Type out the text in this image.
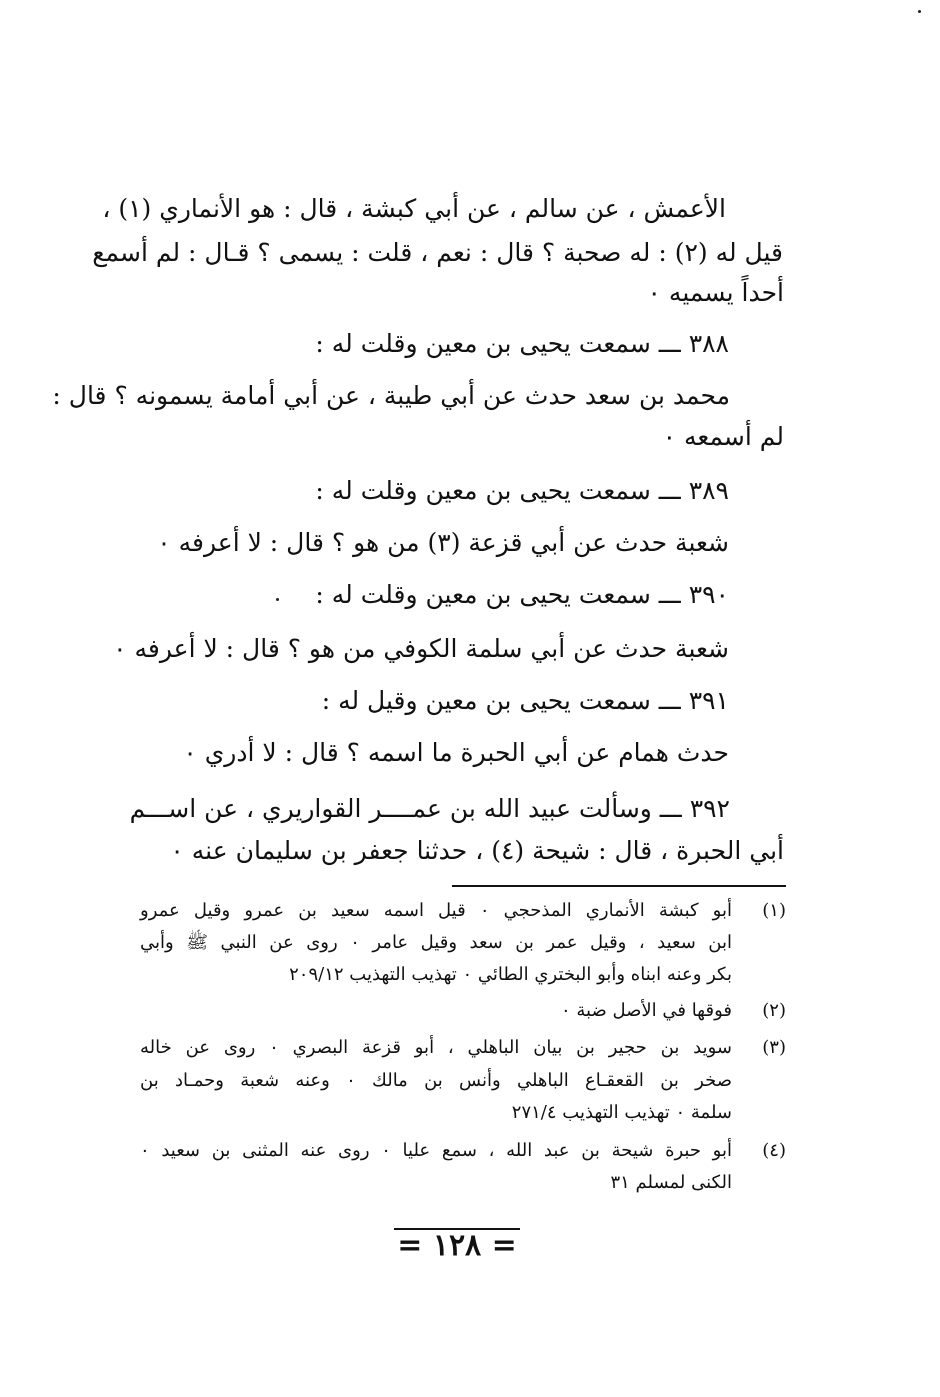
الأعمش ، عن سالم ، عن أبي كبشة ، قال : هو الأنماري (١) ،
قيل له (٢) : له صحبة ؟ قال : نعم ، قلت : يسمى ؟ قـال : لم أسمع
أحداً يسميه ٠
٣٨٨ ـــ سمعت يحيى بن معين وقلت له :
محمد بن سعد حدث عن أبي طيبة ، عن أبي أمامة يسمونه ؟ قال :
لم أسمعه ٠
٣٨٩ ـــ سمعت يحيى بن معين وقلت له :
شعبة حدث عن أبي قزعة (٣) من هو ؟ قال : لا أعرفه ٠
٣٩٠ ـــ سمعت يحيى بن معين وقلت له :
شعبة حدث عن أبي سلمة الكوفي من هو ؟ قال : لا أعرفه ٠
٣٩١ ـــ سمعت يحيى بن معين وقيل له :
حدث همام عن أبي الحبرة ما اسمه ؟ قال : لا أدري ٠
٣٩٢ ـــ وسألت عبيد الله بن عمــــر القواريري ، عن اســـم
أبي الحبرة ، قال : شيحة (٤) ، حدثنا جعفر بن سليمان عنه ٠
(١)
أبو كبشة الأنماري المذحجي ٠ قيل اسمه سعيد بن عمرو وقيل عمرو
ابن سعيد ، وقيل عمر بن سعد وقيل عامر ٠ روى عن النبي ﷺ وأبي
بكر وعنه ابناه وأبو البختري الطائي ٠ تهذيب التهذيب ٢٠٩/١٢
(٢)
فوقها في الأصل ضبة ٠
(٣)
سويد بن حجير بن بيان الباهلي ، أبو قزعة البصري ٠ روى عن خاله
صخر بن القعقـاع الباهلي وأنس بن مالك ٠ وعنه شعبة وحمـاد بن
سلمة ٠ تهذيب التهذيب ٢٧١/٤
(٤)
أبو حبرة شيحة بن عبد الله ، سمع عليا ٠ روى عنه المثنى بن سعيد ٠
الكنى لمسلم ٣١
= ١٢٨ =
